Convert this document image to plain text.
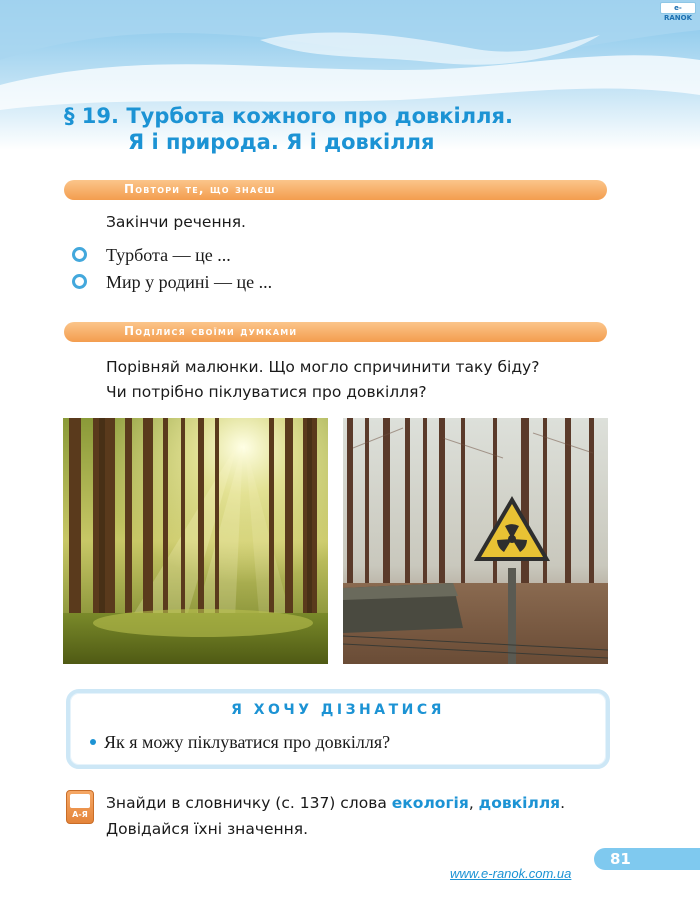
e-RANOK
§ 19. Турбота кожного про довкілля.
Я і природа. Я і довкілля
Повтори те, що знаєш
Закінчи речення.
Турбота — це ...
Мир у родині — це ...
Поділися своїми думками
Порівняй малюнки. Що могло спричинити таку біду?
Чи потрібно піклуватися про довкілля?
Я ХОЧУ ДІЗНАТИСЯ
Як я можу піклуватися про довкілля?
А-Я
Знайди в словничку (с. 137) слова екологія, довкілля.
Довідайся їхні значення.
81
www.e-ranok.com.ua
